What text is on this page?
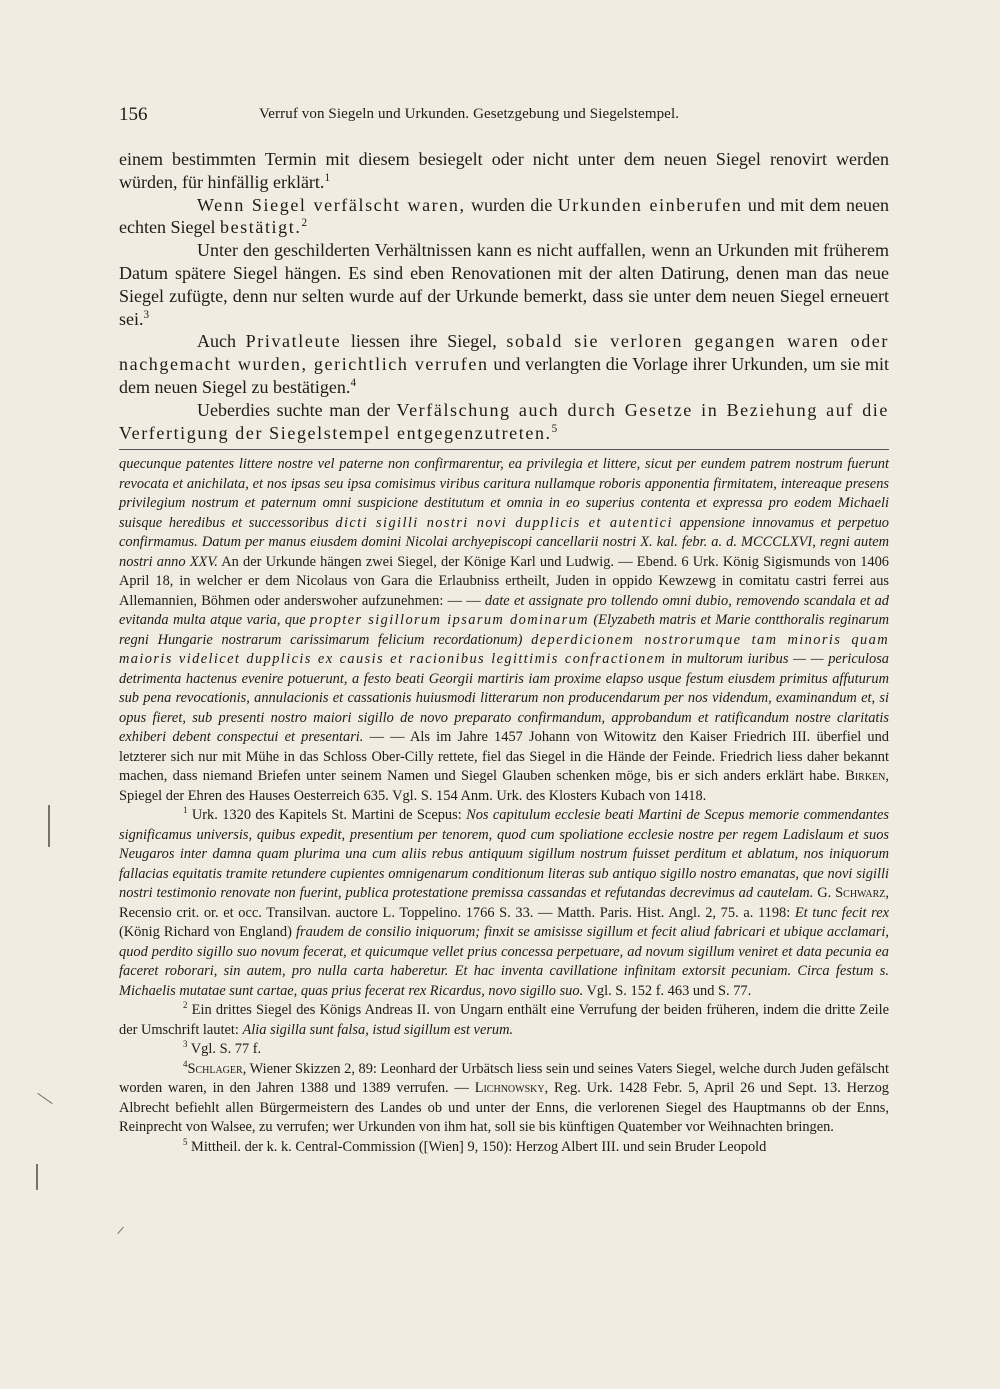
156	Verruf von Siegeln und Urkunden. Gesetzgebung und Siegelstempel.

einem bestimmten Termin mit diesem besiegelt oder nicht unter dem neuen Siegel renovirt werden würden, für hinfällig erklärt.$^1$

Wenn Siegel verfälscht waren, wurden die Urkunden einberufen und mit dem neuen echten Siegel bestätigt.$^2$

Unter den geschilderten Verhältnissen kann es nicht auffallen, wenn an Urkunden mit früherem Datum spätere Siegel hängen. Es sind eben Renovationen mit der alten Datirung, denen man das neue Siegel zufügte, denn nur selten wurde auf der Urkunde bemerkt, dass sie unter dem neuen Siegel erneuert sei.$^3$

Auch Privatleute liessen ihre Siegel, sobald sie verloren gegangen waren oder nachgemacht wurden, gerichtlich verrufen und verlangten die Vorlage ihrer Urkunden, um sie mit dem neuen Siegel zu bestätigen.$^4$

Ueberdies suchte man der Verfälschung auch durch Gesetze in Beziehung auf die Verfertigung der Siegelstempel entgegenzutreten.$^5$

quecunque patentes littere nostre vel paterne non confirmarentur, ea privilegia et littere, sicut per eundem patrem nostrum fuerunt revocata et anichilata, et nos ipsas seu ipsa comisimus viribus caritura nullamque roboris apponentia firmitatem, intereaque presens privilegium nostrum et paternum omni suspicione destitutum et omnia in eo superius contenta et expressa pro eodem Michaeli suisque heredibus et successoribus dicti sigilli nostri novi dupplicis et autentici appensione innovamus et perpetuo confirmamus. Datum per manus eiusdem domini Nicolai archyepiscopi cancellarii nostri X. kal. febr. a. d. MCCCLXVI, regni autem nostri anno XXV. An der Urkunde hängen zwei Siegel, der Könige Karl und Ludwig. — Ebend. 6 Urk. König Sigismunds von 1406 April 18, in welcher er dem Nicolaus von Gara die Erlaubniss ertheilt, Juden in oppido Kewzewg in comitatu castri ferrei aus Allemannien, Böhmen oder anderswoher aufzunehmen: — — date et assignate pro tollendo omni dubio, removendo scandala et ad evitanda multa atque varia, que propter sigillorum ipsarum dominarum (Elyzabeth matris et Marie contthoralis reginarum regni Hungarie nostrarum carissimarum felicium recordationum) deperdicionem nostrorumque tam minoris quam maioris videlicet dupplicis ex causis et racionibus legittimis confractionem in multorum iuribus — — periculosa detrimenta hactenus evenire potuerunt, a festo beati Georgii martiris iam proxime elapso usque festum eiusdem primitus affuturum sub pena revocationis, annulacionis et cassationis huiusmodi litterarum non producendarum per nos videndum, examinandum et, si opus fieret, sub presenti nostro maiori sigillo de novo preparato confirmandum, approbandum et ratificandum nostre claritatis exhiberi debent conspectui et presentari. — — Als im Jahre 1457 Johann von Witowitz den Kaiser Friedrich III. überfiel und letzterer sich nur mit Mühe in das Schloss Ober-Cilly rettete, fiel das Siegel in die Hände der Feinde. Friedrich liess daher bekannt machen, dass niemand Briefen unter seinem Namen und Siegel Glauben schenken möge, bis er sich anders erklärt habe. Birken, Spiegel der Ehren des Hauses Oesterreich 635. Vgl. S. 154 Anm. Urk. des Klosters Kubach von 1418.

$^1$ Urk. 1320 des Kapitels St. Martini de Scepus: Nos capitulum ecclesie beati Martini de Scepus memorie commendantes significamus universis, quibus expedit, presentium per tenorem, quod cum spoliatione ecclesie nostre per regem Ladislaum et suos Neugaros inter damna quam plurima una cum aliis rebus antiquum sigillum nostrum fuisset perditum et ablatum, nos iniquorum fallacias equitatis tramite retundere cupientes omnigenarum conditionum literas sub antiquo sigillo nostro emanatas, que novi sigilli nostri testimonio renovate non fuerint, publica protestatione premissa cassandas et refutandas decrevimus ad cautelam. G. Schwarz, Recensio crit. or. et occ. Transilvan. auctore L. Toppelino. 1766 S. 33. — Matth. Paris. Hist. Angl. 2, 75. a. 1198: Et tunc fecit rex (König Richard von England) fraudem de consilio iniquorum; finxit se amisisse sigillum et fecit aliud fabricari et ubique acclamari, quod perdito sigillo suo novum fecerat, et quicumque vellet prius concessa perpetuare, ad novum sigillum veniret et data pecunia ea faceret roborari, sin autem, pro nulla carta haberetur. Et hac inventa cavillatione infinitam extorsit pecuniam. Circa festum s. Michaelis mutatae sunt cartae, quas prius fecerat rex Ricardus, novo sigillo suo. Vgl. S. 152 f. 463 und S. 77.

$^2$ Ein drittes Siegel des Königs Andreas II. von Ungarn enthält eine Verrufung der beiden früheren, indem die dritte Zeile der Umschrift lautet: Alia sigilla sunt falsa, istud sigillum est verum.

$^3$ Vgl. S. 77 f.

$^4$Schlager, Wiener Skizzen 2, 89: Leonhard der Urbätsch liess sein und seines Vaters Siegel, welche durch Juden gefälscht worden waren, in den Jahren 1388 und 1389 verrufen. — Lichnowsky, Reg. Urk. 1428 Febr. 5, April 26 und Sept. 13. Herzog Albrecht befiehlt allen Bürgermeistern des Landes ob und unter der Enns, die verlorenen Siegel des Hauptmanns ob der Enns, Reinprecht von Walsee, zu verrufen; wer Urkunden von ihm hat, soll sie bis künftigen Quatember vor Weihnachten bringen.

$^5$ Mittheil. der k. k. Central-Commission ([Wien] 9, 150): Herzog Albert III. und sein Bruder Leopold
